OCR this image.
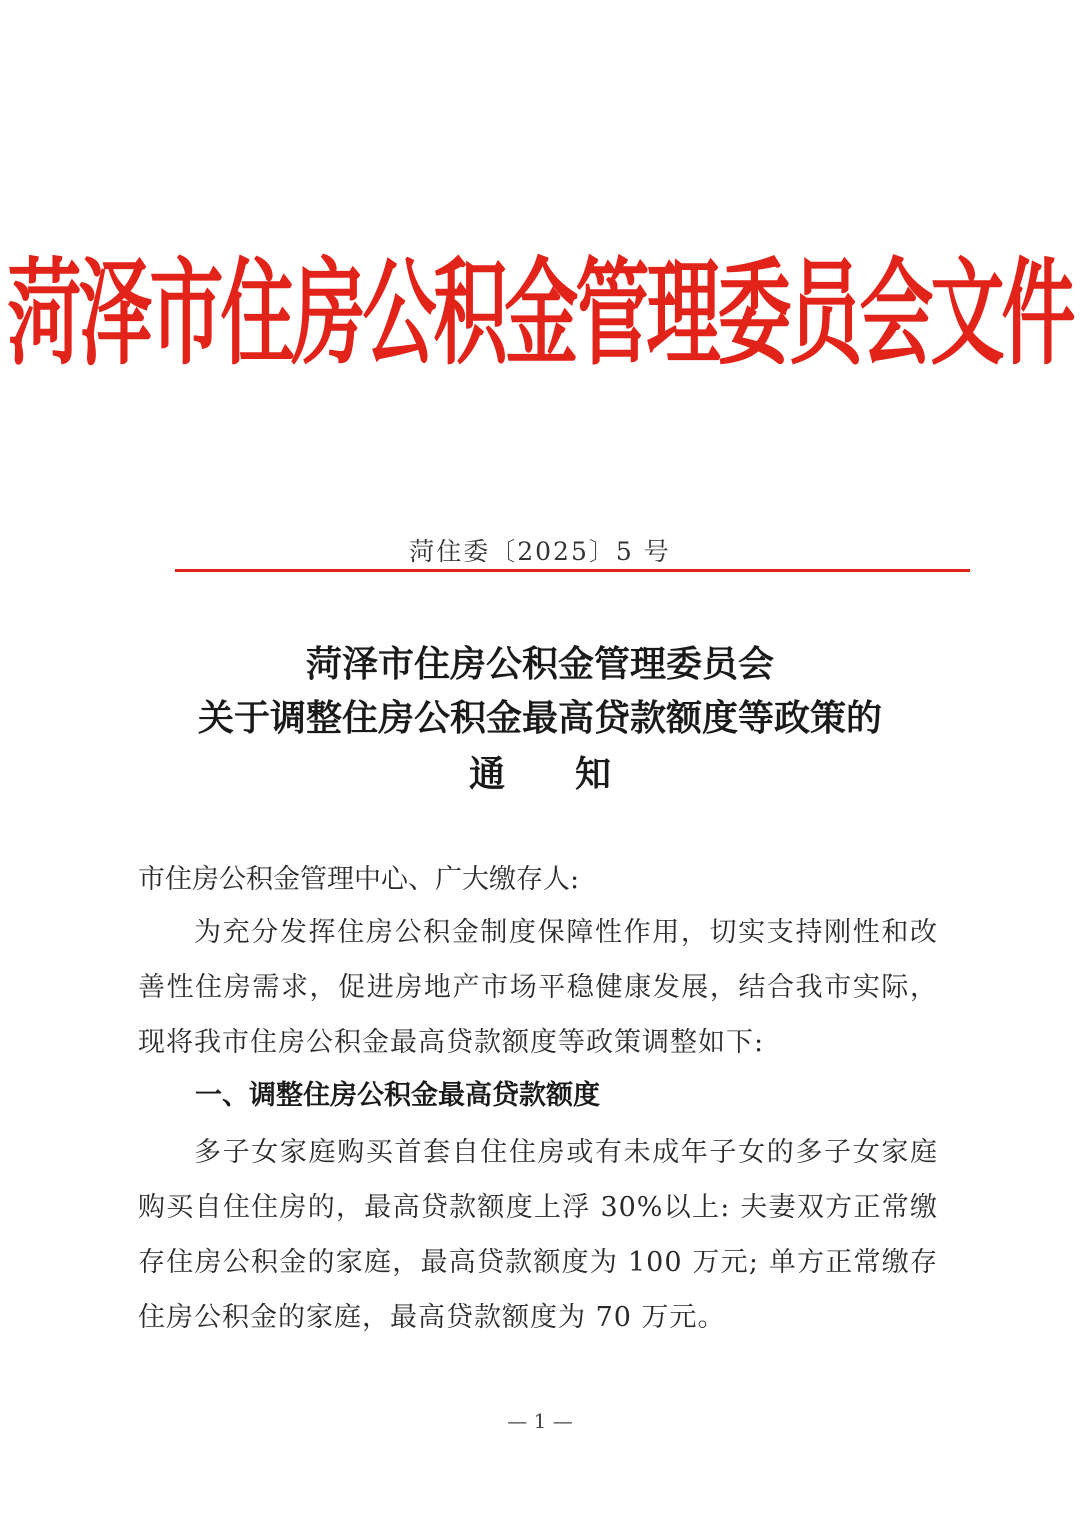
菏泽市住房公积金管理委员会文件
菏住委〔2025〕5 号
菏泽市住房公积金管理委员会
关于调整住房公积金最高贷款额度等政策的
通 知
市住房公积金管理中心、广大缴存人:
为充分发挥住房公积金制度保障性作用，切实支持刚性和改善性住房需求，促进房地产市场平稳健康发展，结合我市实际，现将我市住房公积金最高贷款额度等政策调整如下:
一、调整住房公积金最高贷款额度
多子女家庭购买首套自住住房或有未成年子女的多子女家庭购买自住住房的，最高贷款额度上浮 30%以上: 夫妻双方正常缴存住房公积金的家庭，最高贷款额度为 100 万元; 单方正常缴存住房公积金的家庭，最高贷款额度为 70 万元。
— 1 —
